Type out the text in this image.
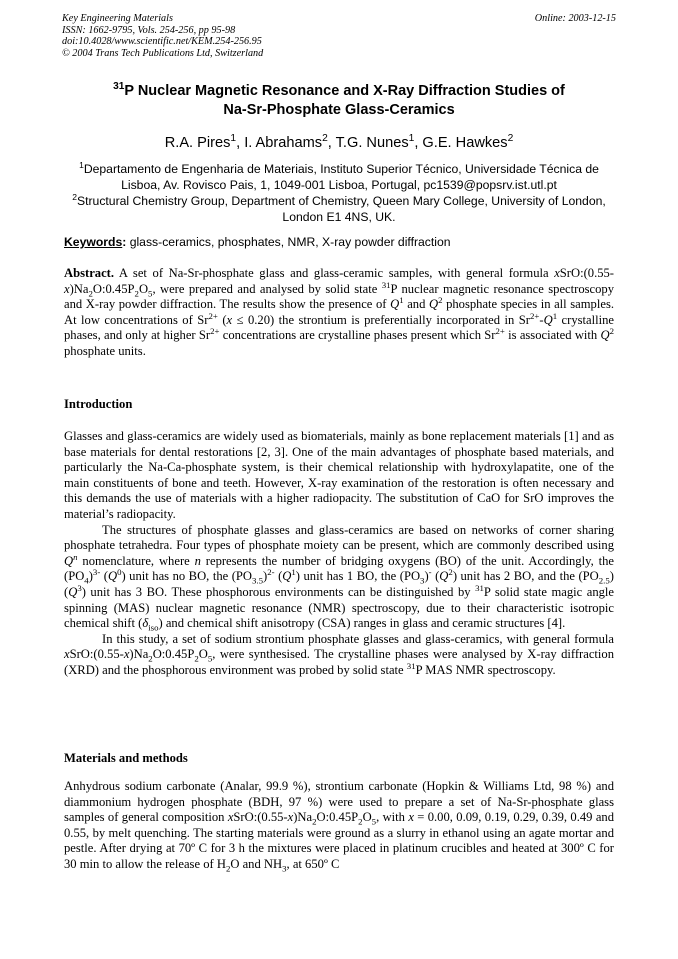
Key Engineering Materials
ISSN: 1662-9795, Vols. 254-256, pp 95-98
doi:10.4028/www.scientific.net/KEM.254-256.95
© 2004 Trans Tech Publications Ltd, Switzerland
Online: 2003-12-15
$^{31}$P Nuclear Magnetic Resonance and X-Ray Diffraction Studies of
Na-Sr-Phosphate Glass-Ceramics
R.A. Pires$^1$, I. Abrahams$^2$, T.G. Nunes$^1$, G.E. Hawkes$^2$
$^1$Departamento de Engenharia de Materiais, Instituto Superior Técnico, Universidade Técnica de Lisboa, Av. Rovisco Pais, 1, 1049-001 Lisboa, Portugal, pc1539@popsrv.ist.utl.pt
$^2$Structural Chemistry Group, Department of Chemistry, Queen Mary College, University of London, London E1 4NS, UK.
Keywords: glass-ceramics, phosphates, NMR, X-ray powder diffraction
Abstract. A set of Na-Sr-phosphate glass and glass-ceramic samples, with general formula $xSrO:(0.55-x)Na_2O:0.45P_2O_5$, were prepared and analysed by solid state $^{31}$P nuclear magnetic resonance spectroscopy and X-ray powder diffraction. The results show the presence of $Q^1$ and $Q^2$ phosphate species in all samples. At low concentrations of $Sr^{2+}$ (x ≤ 0.20) the strontium is preferentially incorporated in $Sr^{2+}-Q^1$ crystalline phases, and only at higher $Sr^{2+}$ concentrations are crystalline phases present which $Sr^{2+}$ is associated with $Q^2$ phosphate units.
Introduction

Glasses and glass-ceramics are widely used as biomaterials, mainly as bone replacement materials [1] and as base materials for dental restorations [2, 3]. One of the main advantages of phosphate based materials, and particularly the Na-Ca-phosphate system, is their chemical relationship with hydroxylapatite, one of the main constituents of bone and teeth. However, X-ray examination of the restoration is often necessary and this demands the use of materials with a higher radiopacity. The substitution of CaO for SrO improves the material’s radiopacity.

The structures of phosphate glasses and glass-ceramics are based on networks of corner sharing phosphate tetrahedra. Four types of phosphate moiety can be present, which are commonly described using $Q^n$ nomenclature, where n represents the number of bridging oxygens (BO) of the unit. Accordingly, the $(PO_4)^{3-}$ $(Q^0)$ unit has no BO, the $(PO_{3.5})^{2-}$ $(Q^1)$ unit has 1 BO, the $(PO_3)^-$ $(Q^2)$ unit has 2 BO, and the $(PO_{2.5})$ $(Q^3)$ unit has 3 BO. These phosphorous environments can be distinguished by $^{31}$P solid state magic angle spinning (MAS) nuclear magnetic resonance (NMR) spectroscopy, due to their characteristic isotropic chemical shift $(\delta_{iso})$ and chemical shift anisotropy (CSA) ranges in glass and ceramic structures [4].

In this study, a set of sodium strontium phosphate glasses and glass-ceramics, with general formula $xSrO:(0.55-x)Na_2O:0.45P_2O_5$, were synthesised. The crystalline phases were analysed by X-ray diffraction (XRD) and the phosphorous environment was probed by solid state $^{31}$P MAS NMR spectroscopy.

Materials and methods

Anhydrous sodium carbonate (Analar, 99.9 %), strontium carbonate (Hopkin & Williams Ltd, 98 %) and diammonium hydrogen phosphate (BDH, 97 %) were used to prepare a set of Na-Sr-phosphate glass samples of general composition $xSrO:(0.55-x)Na_2O:0.45P_2O_5$, with x = 0.00, 0.09, 0.19, 0.29, 0.39, 0.49 and 0.55, by melt quenching. The starting materials were ground as a slurry in ethanol using an agate mortar and pestle. After drying at 70º C for 3 h the mixtures were placed in platinum crucibles and heated at 300º C for 30 min to allow the release of $H_2O$ and $NH_3$, at 650º C
